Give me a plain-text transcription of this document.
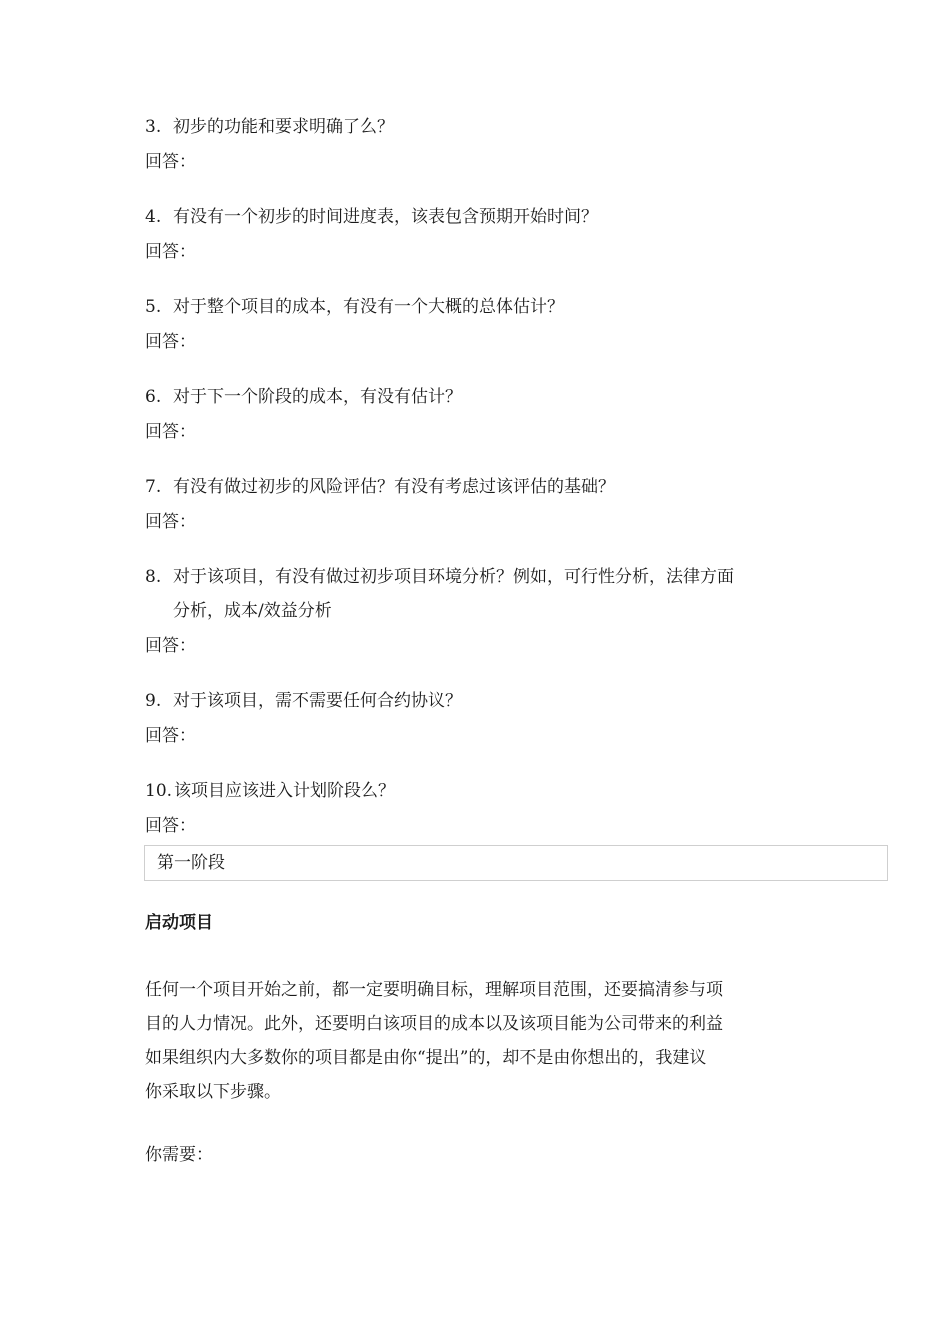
3. 初步的功能和要求明确了么？
回答：
4. 有没有一个初步的时间进度表，该表包含预期开始时间？
回答：
5. 对于整个项目的成本，有没有一个大概的总体估计？
回答：
6. 对于下一个阶段的成本，有没有估计？
回答：
7. 有没有做过初步的风险评估？有没有考虑过该评估的基础？
回答：
8. 对于该项目，有没有做过初步项目环境分析？例如，可行性分析，法律方面
分析，成本/效益分析
回答：
9. 对于该项目，需不需要任何合约协议？
回答：
10. 该项目应该进入计划阶段么？
回答：
第一阶段
启动项目
任何一个项目开始之前，都一定要明确目标，理解项目范围，还要搞清参与项
目的人力情况。此外，还要明白该项目的成本以及该项目能为公司带来的利益
如果组织内大多数你的项目都是由你“提出”的，却不是由你想出的，我建议
你采取以下步骤。
你需要：
